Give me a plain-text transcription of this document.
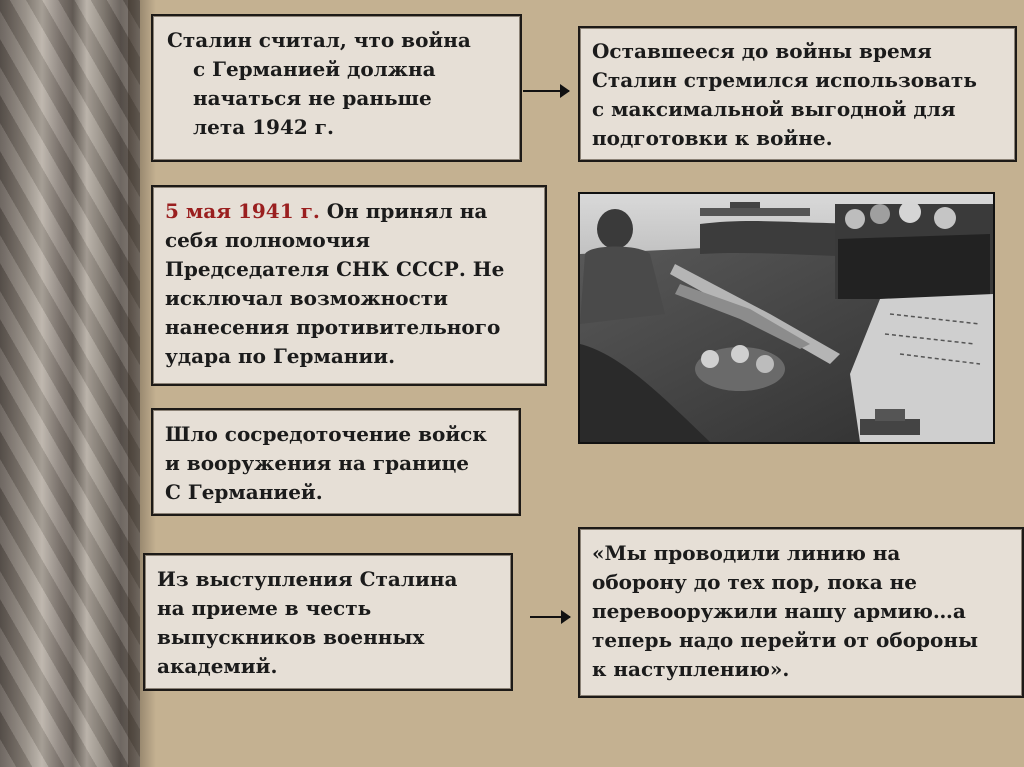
Сталин считал, что война

с Германией должна

начаться не раньше

лета 1942 г.

Оставшееся до войны время

Сталин стремился использовать

с максимальной выгодной для

подготовки к войне.

5 мая 1941 г. Он принял на

себя полномочия

Председателя СНК СССР. Не

исключал возможности

нанесения противительного

удара по Германии.

Шло сосредоточение войск

и вооружения на границе

С Германией.

Из выступления Сталина

на приеме в честь

выпускников военных

академий.

«Мы проводили линию на

оборону до тех пор, пока не

перевооружили нашу армию…а

теперь надо перейти от обороны

к наступлению».
